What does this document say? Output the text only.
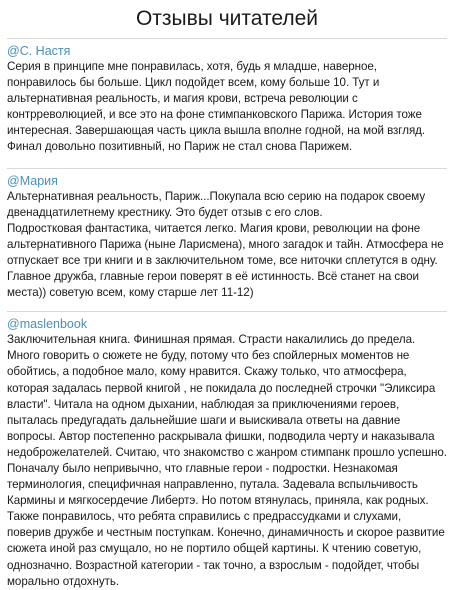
Отзывы читателей
@С. Настя

Серия в принципе мне понравилась, хотя, будь я младше, наверное, понравилось бы больше. Цикл подойдет всем, кому больше 10. Тут и альтернативная реальность, и магия крови, встреча революции с контрреволюцией, и все это на фоне стимпанковского Парижа. История тоже интересная. Завершающая часть цикла вышла вполне годной, на мой взгляд. Финал довольно позитивный, но Париж не стал снова Парижем.

@Мария

Альтернативная реальность, Париж...Покупала всю серию на подарок своему двенадцатилетнему крестнику. Это будет отзыв с его слов.

Подростковая фантастика, читается легко. Магия крови, революции на фоне альтернативного Парижа (ныне Ларисмена), много загадок и тайн. Атмосфера не отпускает все три книги и в заключительном томе, все ниточки сплетутся в одну. Главное дружба, главные герои поверят в её истинность. Всё станет на свои места)) советую всем, кому старше лет 11-12)

@maslenbook

Заключительная книга. Финишная прямая. Страсти накалились до предела. Много говорить о сюжете не буду, потому что без спойлерных моментов не обойтись, а подобное мало, кому нравится. Скажу только, что атмосфера, которая задалась первой книгой , не покидала до последней строчки "Эликсира власти". Читала на одном дыхании, наблюдая за приключениями героев, пыталась предугадать дальнейшие шаги и выискивала ответы на давние вопросы. Автор постепенно раскрывала фишки, подводила черту и наказывала недоброжелателей. Считаю, что знакомство с жанром стимпанк прошло успешно. Поначалу было непривычно, что главные герои - подростки. Незнакомая терминология, специфичная направленно, путала. Задевала вспыльчивость Кармины и мягкосердечие Либертэ. Но потом втянулась, приняла, как родных. Также понравилось, что ребята справились с предрассудками и слухами, поверив дружбе и честным поступкам. Конечно, динамичность и скорое развитие сюжета иной раз смущало, но не портило общей картины. К чтению советую, однозначно. Возрастной категории - так точно, а взрослым - подойдет, чтобы морально отдохнуть.
